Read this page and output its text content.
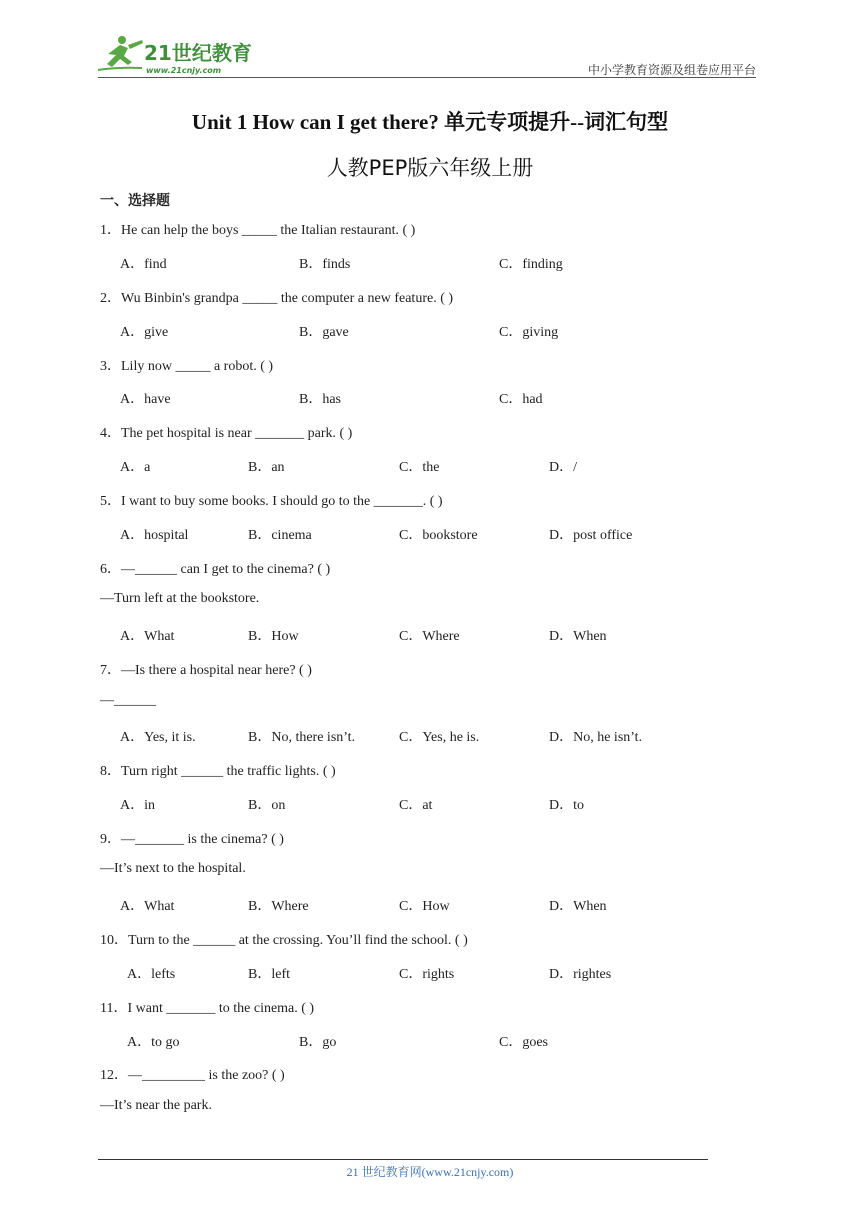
21世纪教育
www.21cnjy.com	中小学教育资源及组卷应用平台
Unit 1 How can I get there? 单元专项提升--词汇句型
人教PEP版六年级上册
一、选择题
1．He can help the boys _____ the Italian restaurant. ( )
A．find	B．finds	C．finding
2．Wu Binbin's grandpa _____ the computer a new feature. ( )
A．give	B．gave	C．giving
3．Lily now _____ a robot. ( )
A．have	B．has	C．had
4．The pet hospital is near _______ park. ( )
A．a	B．an	C．the	D．/
5．I want to buy some books. I should go to the _______. ( )
A．hospital	B．cinema	C．bookstore	D．post office
6．—______ can I get to the cinema? ( )
—Turn left at the bookstore.
A．What	B．How	C．Where	D．When
7．—Is there a hospital near here? ( )
—______
A．Yes, it is.	B．No, there isn’t.	C．Yes, he is.	D．No, he isn’t.
8．Turn right ______ the traffic lights. ( )
A．in	B．on	C．at	D．to
9．—_______ is the cinema? ( )
—It’s next to the hospital.
A．What	B．Where	C．How	D．When
10．Turn to the ______ at the crossing. You’ll find the school. ( )
A．lefts	B．left	C．rights	D．rightes
11．I want _______ to the cinema. ( )
A．to go	B．go	C．goes
12．—_________ is the zoo? ( )
—It’s near the park.
21 世纪教育网(www.21cnjy.com)
